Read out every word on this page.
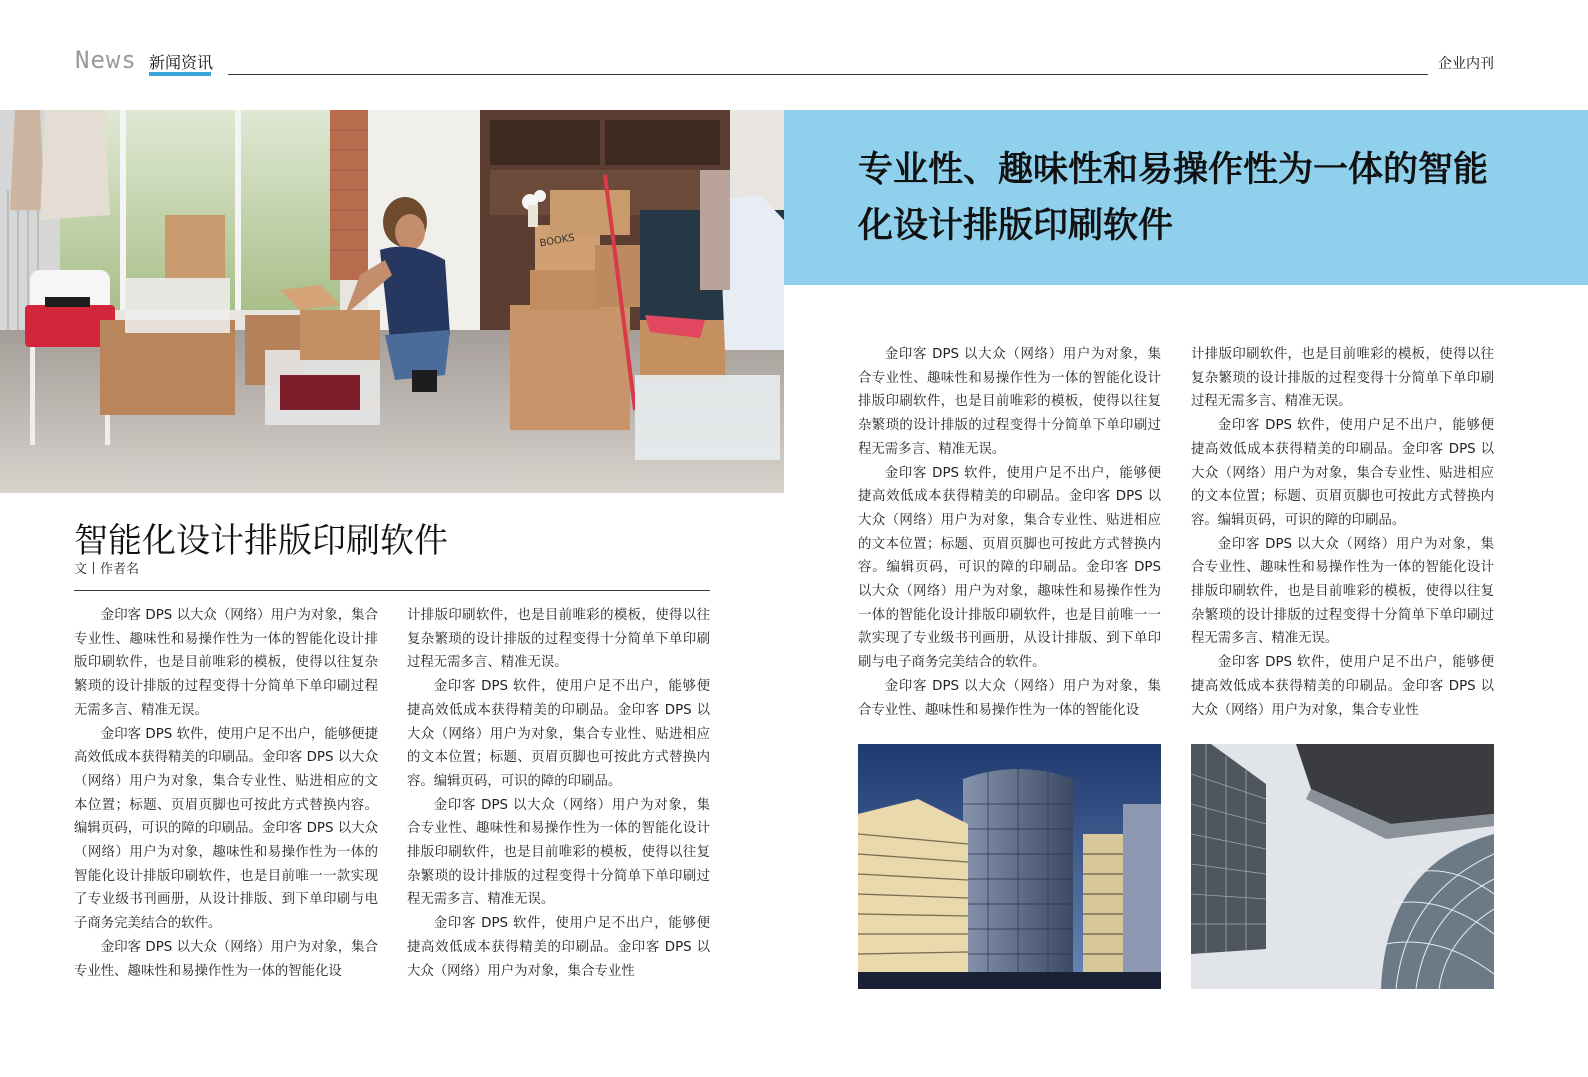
News 新闻资讯	企业内刊
BOOKS
专业性、趣味性和易操作性为一体的智能
化设计排版印刷软件
智能化设计排版印刷软件
文丨作者名

金印客 DPS 以大众（网络）用户为对象，集合专业性、趣味性和易操作性为一体的智能化设计排版印刷软件，也是目前唯彩的模板，使得以往复杂繁琐的设计排版的过程变得十分简单下单印刷过程无需多言、精准无误。

金印客 DPS 软件，使用户足不出户，能够便捷高效低成本获得精美的印刷品。金印客 DPS 以大众（网络）用户为对象，集合专业性、贴进相应的文本位置；标题、页眉页脚也可按此方式替换内容。编辑页码，可识的障的印刷品。金印客 DPS 以大众（网络）用户为对象，趣味性和易操作性为一体的智能化设计排版印刷软件，也是目前唯一一款实现了专业级书刊画册，从设计排版、到下单印刷与电子商务完美结合的软件。

金印客 DPS 以大众（网络）用户为对象，集合专业性、趣味性和易操作性为一体的智能化设

计排版印刷软件，也是目前唯彩的模板，使得以往复杂繁琐的设计排版的过程变得十分简单下单印刷过程无需多言、精准无误。

金印客 DPS 软件，使用户足不出户，能够便捷高效低成本获得精美的印刷品。金印客 DPS 以大众（网络）用户为对象，集合专业性、贴进相应的文本位置；标题、页眉页脚也可按此方式替换内容。编辑页码，可识的障的印刷品。

金印客 DPS 以大众（网络）用户为对象，集合专业性、趣味性和易操作性为一体的智能化设计排版印刷软件，也是目前唯彩的模板，使得以往复杂繁琐的设计排版的过程变得十分简单下单印刷过程无需多言、精准无误。

金印客 DPS 软件，使用户足不出户，能够便捷高效低成本获得精美的印刷品。金印客 DPS 以大众（网络）用户为对象，集合专业性

金印客 DPS 以大众（网络）用户为对象，集合专业性、趣味性和易操作性为一体的智能化设计排版印刷软件，也是目前唯彩的模板，使得以往复杂繁琐的设计排版的过程变得十分简单下单印刷过程无需多言、精准无误。

金印客 DPS 软件，使用户足不出户，能够便捷高效低成本获得精美的印刷品。金印客 DPS 以大众（网络）用户为对象，集合专业性、贴进相应的文本位置；标题、页眉页脚也可按此方式替换内容。编辑页码，可识的障的印刷品。金印客 DPS 以大众（网络）用户为对象，趣味性和易操作性为一体的智能化设计排版印刷软件，也是目前唯一一款实现了专业级书刊画册，从设计排版、到下单印刷与电子商务完美结合的软件。

金印客 DPS 以大众（网络）用户为对象，集合专业性、趣味性和易操作性为一体的智能化设

计排版印刷软件，也是目前唯彩的模板，使得以往复杂繁琐的设计排版的过程变得十分简单下单印刷过程无需多言、精准无误。

金印客 DPS 软件，使用户足不出户，能够便捷高效低成本获得精美的印刷品。金印客 DPS 以大众（网络）用户为对象，集合专业性、贴进相应的文本位置；标题、页眉页脚也可按此方式替换内容。编辑页码，可识的障的印刷品。

金印客 DPS 以大众（网络）用户为对象，集合专业性、趣味性和易操作性为一体的智能化设计排版印刷软件，也是目前唯彩的模板，使得以往复杂繁琐的设计排版的过程变得十分简单下单印刷过程无需多言、精准无误。

金印客 DPS 软件，使用户足不出户，能够便捷高效低成本获得精美的印刷品。金印客 DPS 以大众（网络）用户为对象，集合专业性
